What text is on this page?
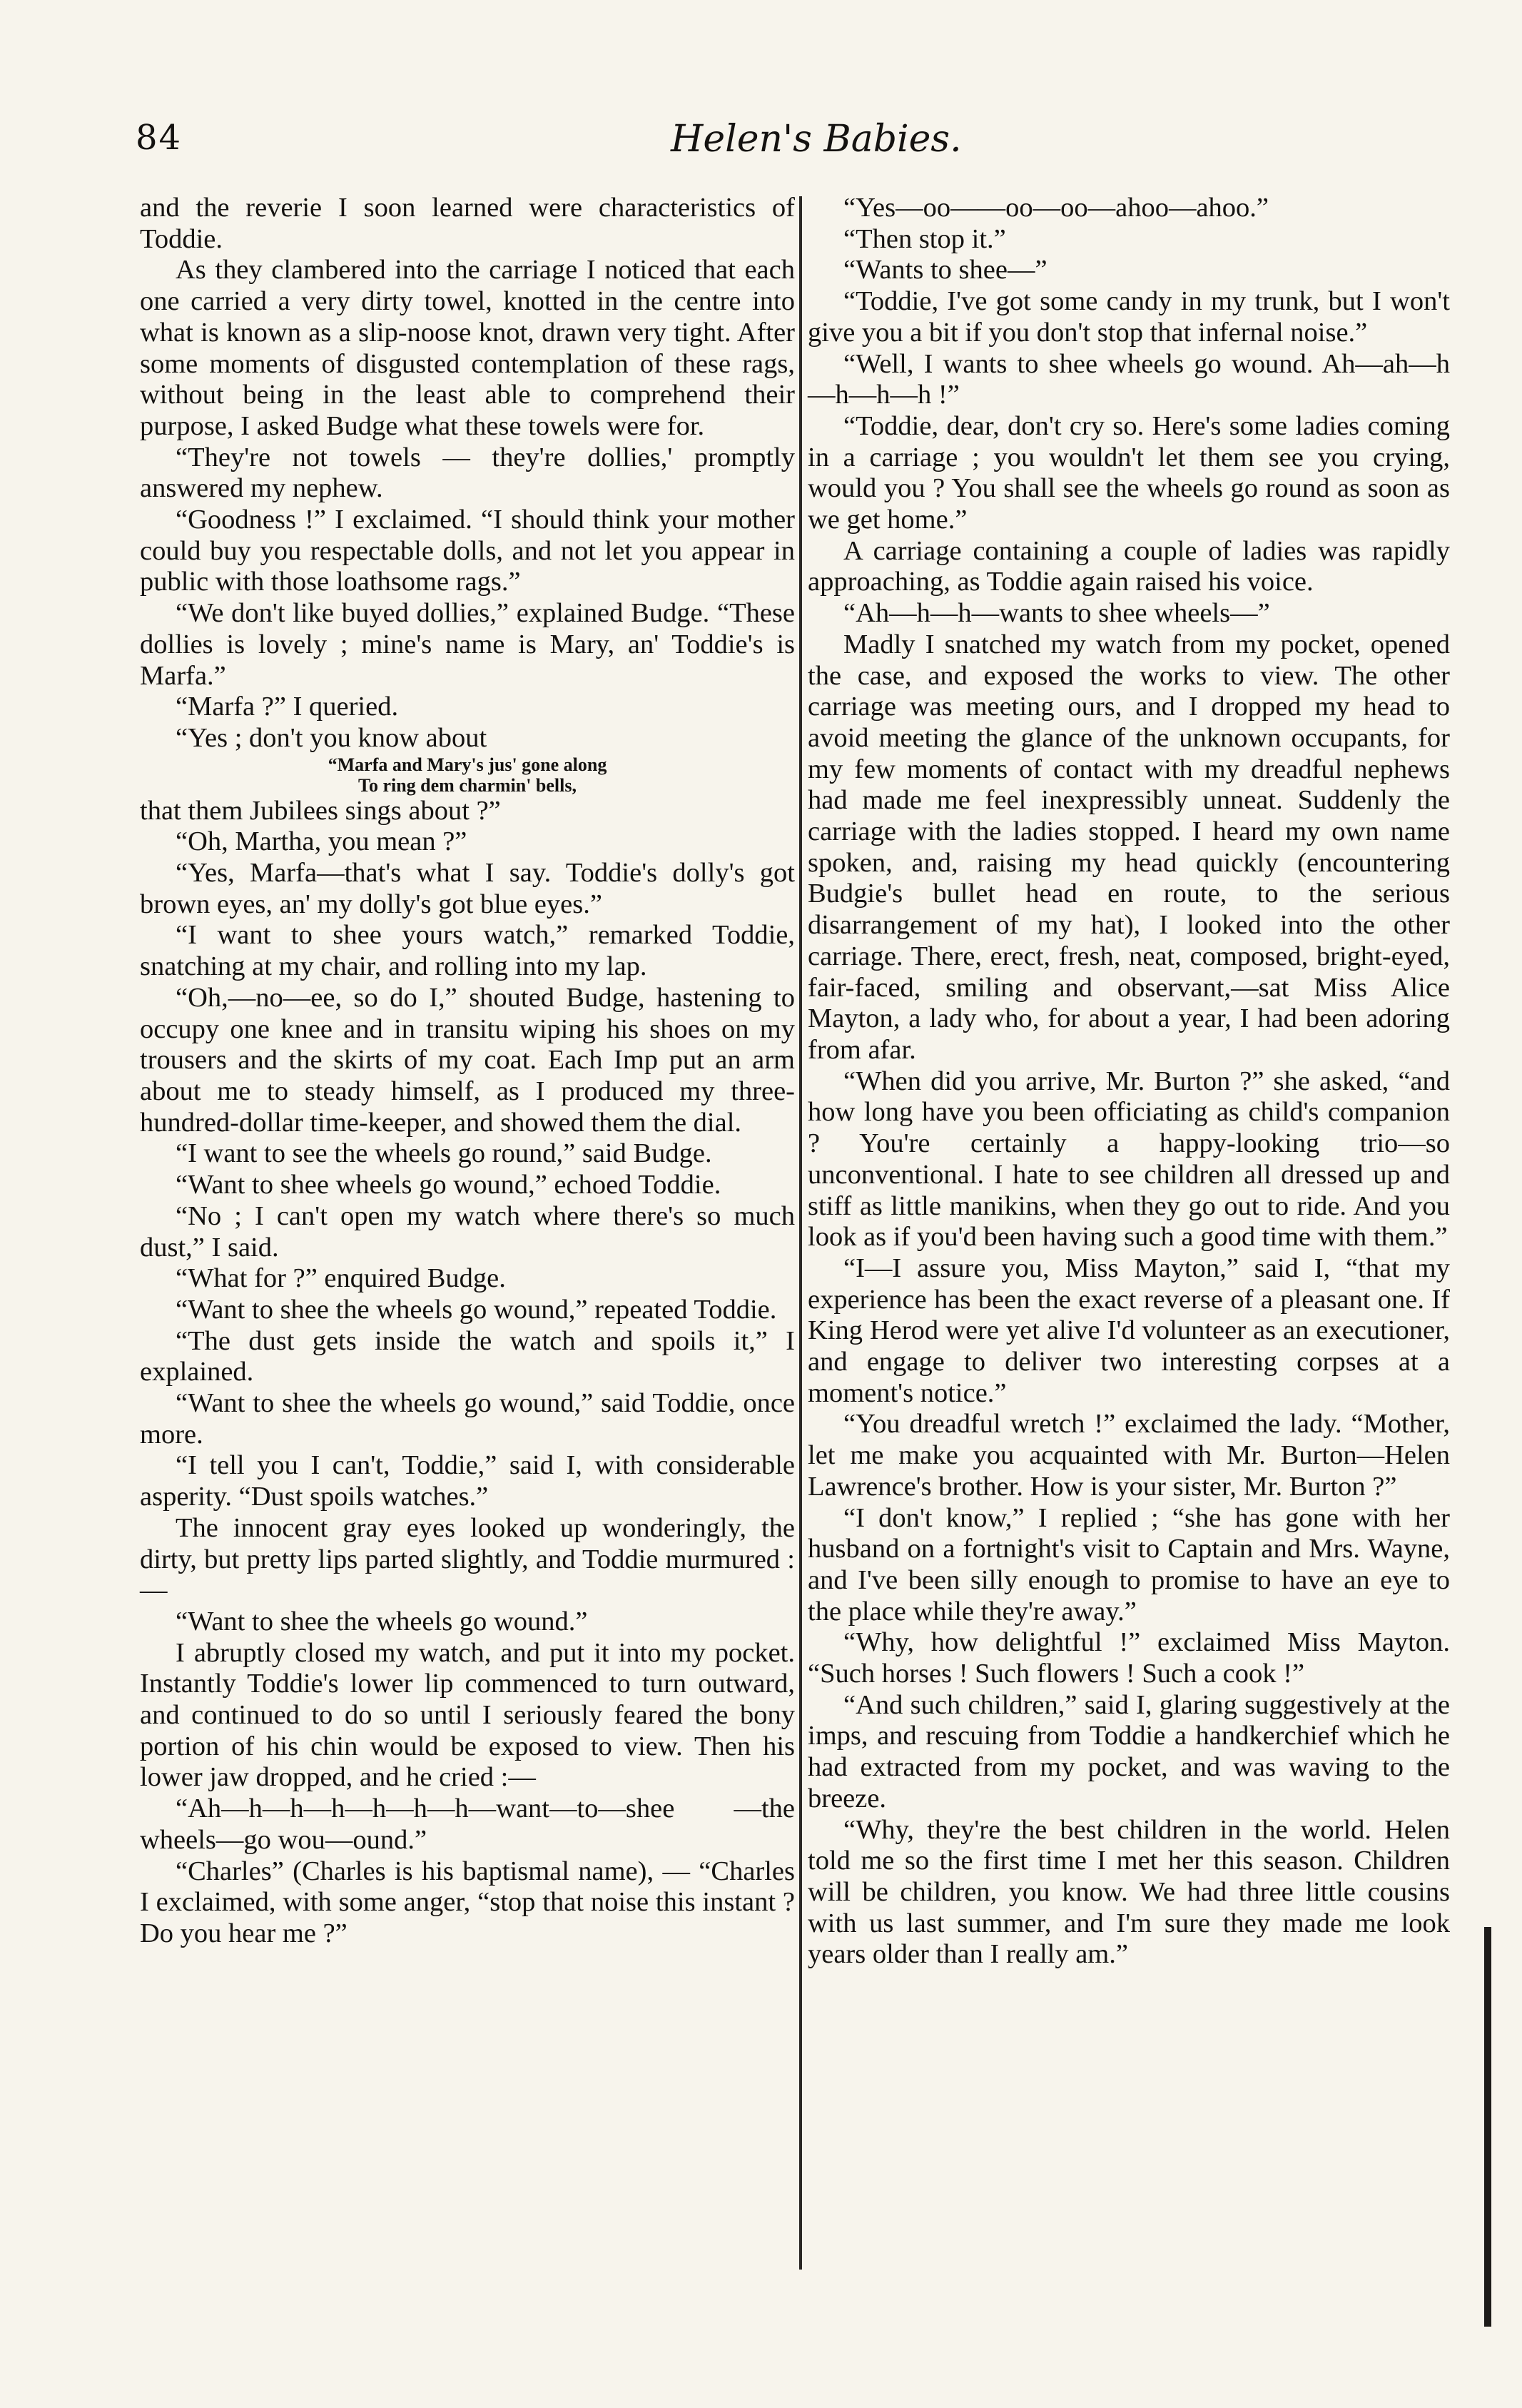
84	Helen's Babies.

and the reverie I soon learned were characteristics of Toddie.

As they clambered into the carriage I noticed that each one carried a very dirty towel, knotted in the centre into what is known as a slip-noose knot, drawn very tight. After some moments of disgusted contemplation of these rags, without being in the least able to comprehend their purpose, I asked Budge what these towels were for.

“They're not towels — they're dollies,' promptly answered my nephew.

“Goodness !” I exclaimed. “I should think your mother could buy you respectable dolls, and not let you appear in public with those loathsome rags.”

“We don't like buyed dollies,” explained Budge. “These dollies is lovely ; mine's name is Mary, an' Toddie's is Marfa.”

“Marfa ?” I queried.

“Yes ; don't you know about

“Marfa and Mary's jus' gone along

To ring dem charmin' bells,

that them Jubilees sings about ?”

“Oh, Martha, you mean ?”

“Yes, Marfa—that's what I say. Toddie's dolly's got brown eyes, an' my dolly's got blue eyes.”

“I want to shee yours watch,” remarked Toddie, snatching at my chair, and rolling into my lap.

“Oh,—no—ee, so do I,” shouted Budge, hastening to occupy one knee and in transitu wiping his shoes on my trousers and the skirts of my coat. Each Imp put an arm about me to steady himself, as I produced my three-hundred-dollar time-keeper, and showed them the dial.

“I want to see the wheels go round,” said Budge.

“Want to shee wheels go wound,” echoed Toddie.

“No ; I can't open my watch where there's so much dust,” I said.

“What for ?” enquired Budge.

“Want to shee the wheels go wound,” repeated Toddie.

“The dust gets inside the watch and spoils it,” I explained.

“Want to shee the wheels go wound,” said Toddie, once more.

“I tell you I can't, Toddie,” said I, with considerable asperity. “Dust spoils watches.”

The innocent gray eyes looked up wonderingly, the dirty, but pretty lips parted slightly, and Toddie murmured :—

“Want to shee the wheels go wound.”

I abruptly closed my watch, and put it into my pocket. Instantly Toddie's lower lip commenced to turn outward, and continued to do so until I seriously feared the bony portion of his chin would be exposed to view. Then his lower jaw dropped, and he cried :—

“Ah—h—h—h—h—h—h—want—to—shee —the wheels—go wou—ound.”

“Charles” (Charles is his baptismal name), — “Charles I exclaimed, with some anger, “stop that noise this instant ? Do you hear me ?”

“Yes—oo——oo—oo—ahoo—ahoo.”

“Then stop it.”

“Wants to shee—”

“Toddie, I've got some candy in my trunk, but I won't give you a bit if you don't stop that infernal noise.”

“Well, I wants to shee wheels go wound. Ah—ah—h—h—h—h !”

“Toddie, dear, don't cry so. Here's some ladies coming in a carriage ; you wouldn't let them see you crying, would you ? You shall see the wheels go round as soon as we get home.”

A carriage containing a couple of ladies was rapidly approaching, as Toddie again raised his voice.

“Ah—h—h—wants to shee wheels—”

Madly I snatched my watch from my pocket, opened the case, and exposed the works to view. The other carriage was meeting ours, and I dropped my head to avoid meeting the glance of the unknown occupants, for my few moments of contact with my dreadful nephews had made me feel inexpressibly unneat. Suddenly the carriage with the ladies stopped. I heard my own name spoken, and, raising my head quickly (encountering Budgie's bullet head en route, to the serious disarrangement of my hat), I looked into the other carriage. There, erect, fresh, neat, composed, bright-eyed, fair-faced, smiling and observant,—sat Miss Alice Mayton, a lady who, for about a year, I had been adoring from afar.

“When did you arrive, Mr. Burton ?” she asked, “and how long have you been officiating as child's companion ? You're certainly a happy-looking trio—so unconventional. I hate to see children all dressed up and stiff as little manikins, when they go out to ride. And you look as if you'd been having such a good time with them.”

“I—I assure you, Miss Mayton,” said I, “that my experience has been the exact reverse of a pleasant one. If King Herod were yet alive I'd volunteer as an executioner, and engage to deliver two interesting corpses at a moment's notice.”

“You dreadful wretch !” exclaimed the lady. “Mother, let me make you acquainted with Mr. Burton—Helen Lawrence's brother. How is your sister, Mr. Burton ?”

“I don't know,” I replied ; “she has gone with her husband on a fortnight's visit to Captain and Mrs. Wayne, and I've been silly enough to promise to have an eye to the place while they're away.”

“Why, how delightful !” exclaimed Miss Mayton. “Such horses ! Such flowers ! Such a cook !”

“And such children,” said I, glaring suggestively at the imps, and rescuing from Toddie a handkerchief which he had extracted from my pocket, and was waving to the breeze.

“Why, they're the best children in the world. Helen told me so the first time I met her this season. Children will be children, you know. We had three little cousins with us last summer, and I'm sure they made me look years older than I really am.”
